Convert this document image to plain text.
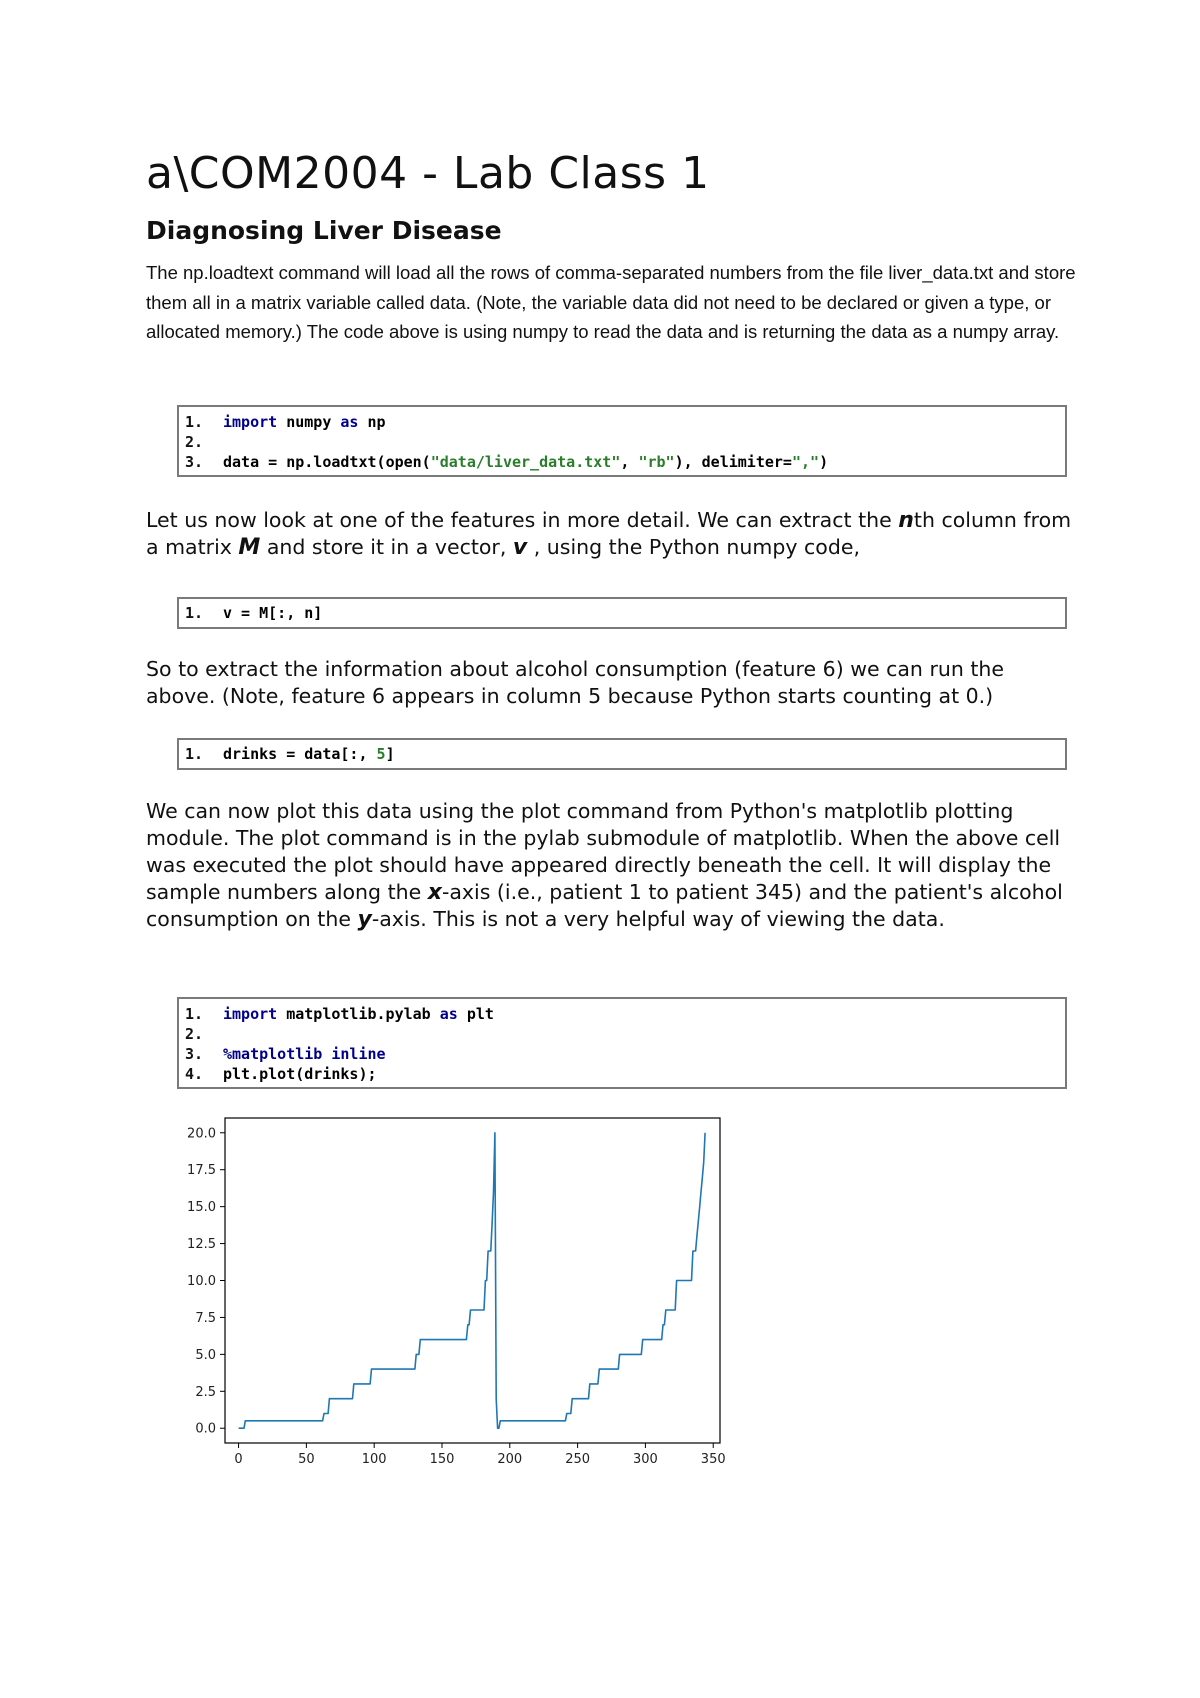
a\COM2004 - Lab Class 1
Diagnosing Liver Disease

The np.loadtext command will load all the rows of comma-separated numbers from the file liver_data.txt and store them all in a matrix variable called data. (Note, the variable data did not need to be declared or given a type, or allocated memory.) The code above is using numpy to read the data and is returning the data as a numpy array.

1. import numpy as np
2.
3. data = np.loadtxt(open("data/liver_data.txt", "rb"), delimiter=",")

Let us now look at one of the features in more detail. We can extract the nth column from a matrix M and store it in a vector, v , using the Python numpy code,

1. v = M[:, n]

So to extract the information about alcohol consumption (feature 6) we can run the above. (Note, feature 6 appears in column 5 because Python starts counting at 0.)

1. drinks = data[:, 5]

We can now plot this data using the plot command from Python's matplotlib plotting module. The plot command is in the pylab submodule of matplotlib. When the above cell was executed the plot should have appeared directly beneath the cell. It will display the sample numbers along the x-axis (i.e., patient 1 to patient 345) and the patient's alcohol consumption on the y-axis. This is not a very helpful way of viewing the data.

1. import matplotlib.pylab as plt
2.
3. %matplotlib inline
4. plt.plot(drinks);
0.0
2.5
5.0
7.5
10.0
12.5
15.0
17.5
20.0
0	50	100	150	200	250	300	350
